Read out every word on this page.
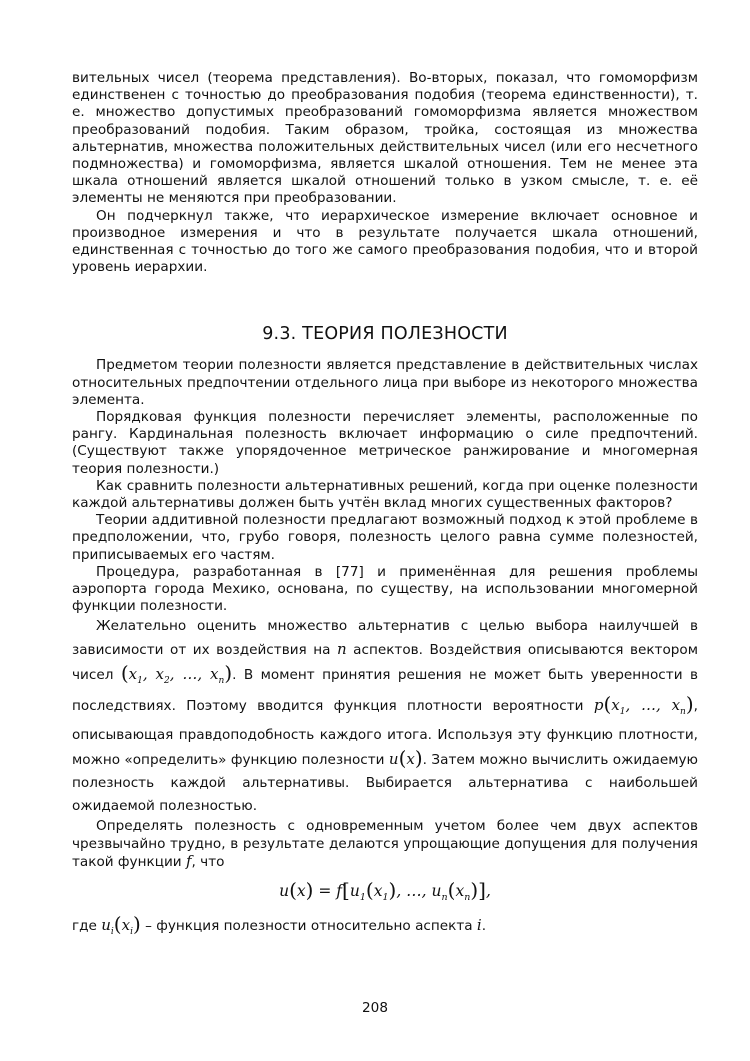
вительных чисел (теорема представления). Во-вторых, показал, что гомоморфизм единственен с точностью до преобразования подобия (теорема единственности), т. е. множество допустимых преобразований гомоморфизма является множеством преобразований подобия. Таким образом, тройка, состоящая из множества альтернатив, множества положительных действительных чисел (или его несчетного подмножества) и гомоморфизма, является шкалой отношения. Тем не менее эта шкала отношений является шкалой отношений только в узком смысле, т. е. её элементы не меняются при преобразовании.

Он подчеркнул также, что иерархическое измерение включает основное и производное измерения и что в результате получается шкала отношений, единственная с точностью до того же самого преобразования подобия, что и второй уровень иерархии.

9.3. ТЕОРИЯ ПОЛЕЗНОСТИ

Предметом теории полезности является представление в действительных числах относительных предпочтении отдельного лица при выборе из некоторого множества элемента.

Порядковая функция полезности перечисляет элементы, расположенные по рангу. Кардинальная полезность включает информацию о силе предпочтений. (Существуют также упорядоченное метрическое ранжирование и многомерная теория полезности.)

Как сравнить полезности альтернативных решений, когда при оценке полезности каждой альтернативы должен быть учтён вклад многих существенных факторов?

Теории аддитивной полезности предлагают возможный подход к этой проблеме в предположении, что, грубо говоря, полезность целого равна сумме полезностей, приписываемых его частям.

Процедура, разработанная в [77] и применённая для решения проблемы аэропорта города Мехико, основана, по существу, на использовании многомерной функции полезности.

Желательно оценить множество альтернатив с целью выбора наилучшей в зависимости от их воздействия на n аспектов. Воздействия описываются вектором чисел ($x_1$, $x_2$, …, $x_n$). В момент принятия решения не может быть уверенности в последствиях. Поэтому вводится функция плотности вероятности $p(x_1$, …, $x_n$), описывающая правдоподобность каждого итога. Используя эту функцию плотности, можно «определить» функцию полезности u(x). Затем можно вычислить ожидаемую полезность каждой альтернативы. Выбирается альтернатива с наибольшей ожидаемой полезностью.

Определять полезность с одновременным учетом более чем двух аспектов чрезвычайно трудно, в результате делаются упрощающие допущения для получения такой функции f, что

$u(x) = f[u_1(x_1)$, …, $u_n(x_n)$],

где $u_i(x_i)$ – функция полезности относительно аспекта i.

208
